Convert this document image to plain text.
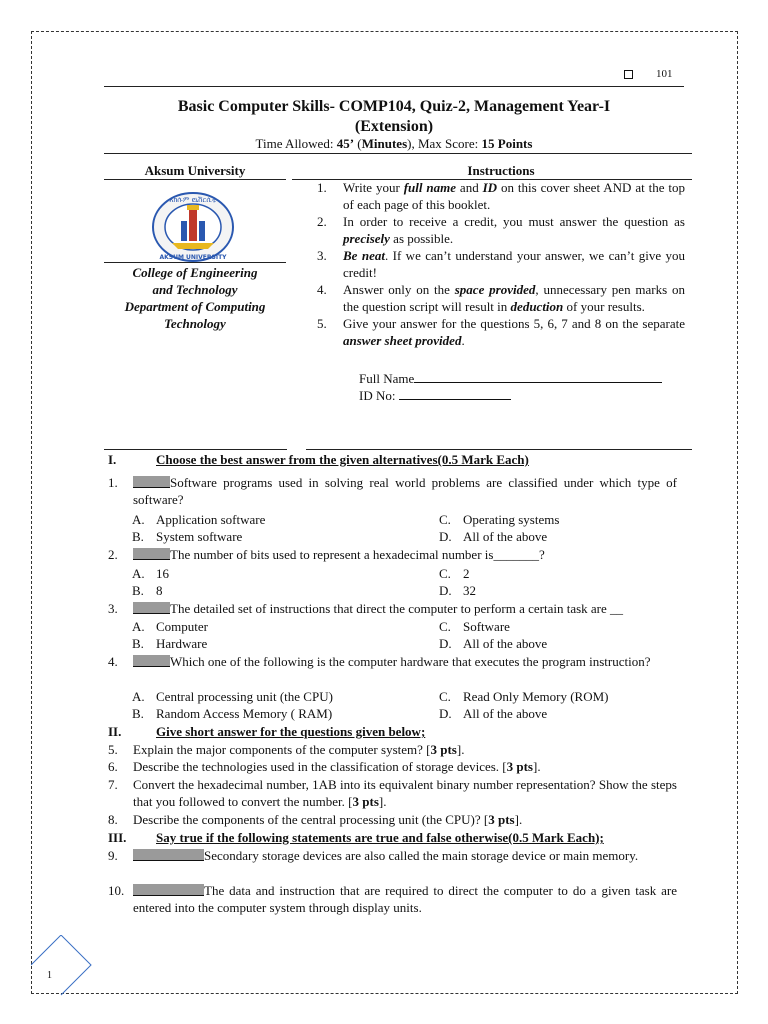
101
Basic Computer Skills- COMP104, Quiz-2, Management Year-I
(Extension)
Time Allowed: 45’ (Minutes), Max Score: 15 Points
Aksum University
አክሱም ዩኒቨርሲቲ
AKSUM UNIVERSITY
College of Engineering
and Technology
Department of Computing
Technology
Instructions
1. Write your full name and ID on this cover sheet AND at the top of each page of this booklet.
2. In order to receive a credit, you must answer the question as precisely as possible.
3. Be neat. If we can’t understand your answer, we can’t give you credit!
4. Answer only on the space provided, unnecessary pen marks on the question script will result in deduction of your results.
5. Give your answer for the questions 5, 6, 7 and 8 on the separate answer sheet provided.
Full Name
ID No:
I.	Choose the best answer from the given alternatives(0.5 Mark Each)
1.	Software programs used in solving real world problems are classified under which type of software?
A. Application software
B. System software
C. Operating systems
D. All of the above
2.	The number of bits used to represent a hexadecimal number is_______?
A. 16
B. 8
C. 2
D. 32
3.	The detailed set of instructions that direct the computer to perform a certain task are __
A. Computer
B. Hardware
C. Software
D. All of the above
4.	Which one of the following is the computer hardware that executes the program instruction?
A. Central processing unit (the CPU)
B. Random Access Memory ( RAM)
C. Read Only Memory (ROM)
D. All of the above
II.	Give short answer for the questions given below;
5. Explain the major components of the computer system? [3 pts].
6. Describe the technologies used in the classification of storage devices. [3 pts].
7. Convert the hexadecimal number, 1AB into its equivalent binary number representation? Show the steps that you followed to convert the number. [3 pts].
8. Describe the components of the central processing unit (the CPU)? [3 pts].
III. Say true if the following statements are true and false otherwise(0.5 Mark Each);
9.	Secondary storage devices are also called the main storage device or main memory.
10.	The data and instruction that are required to direct the computer to do a given task are entered into the computer system through display units.
1
